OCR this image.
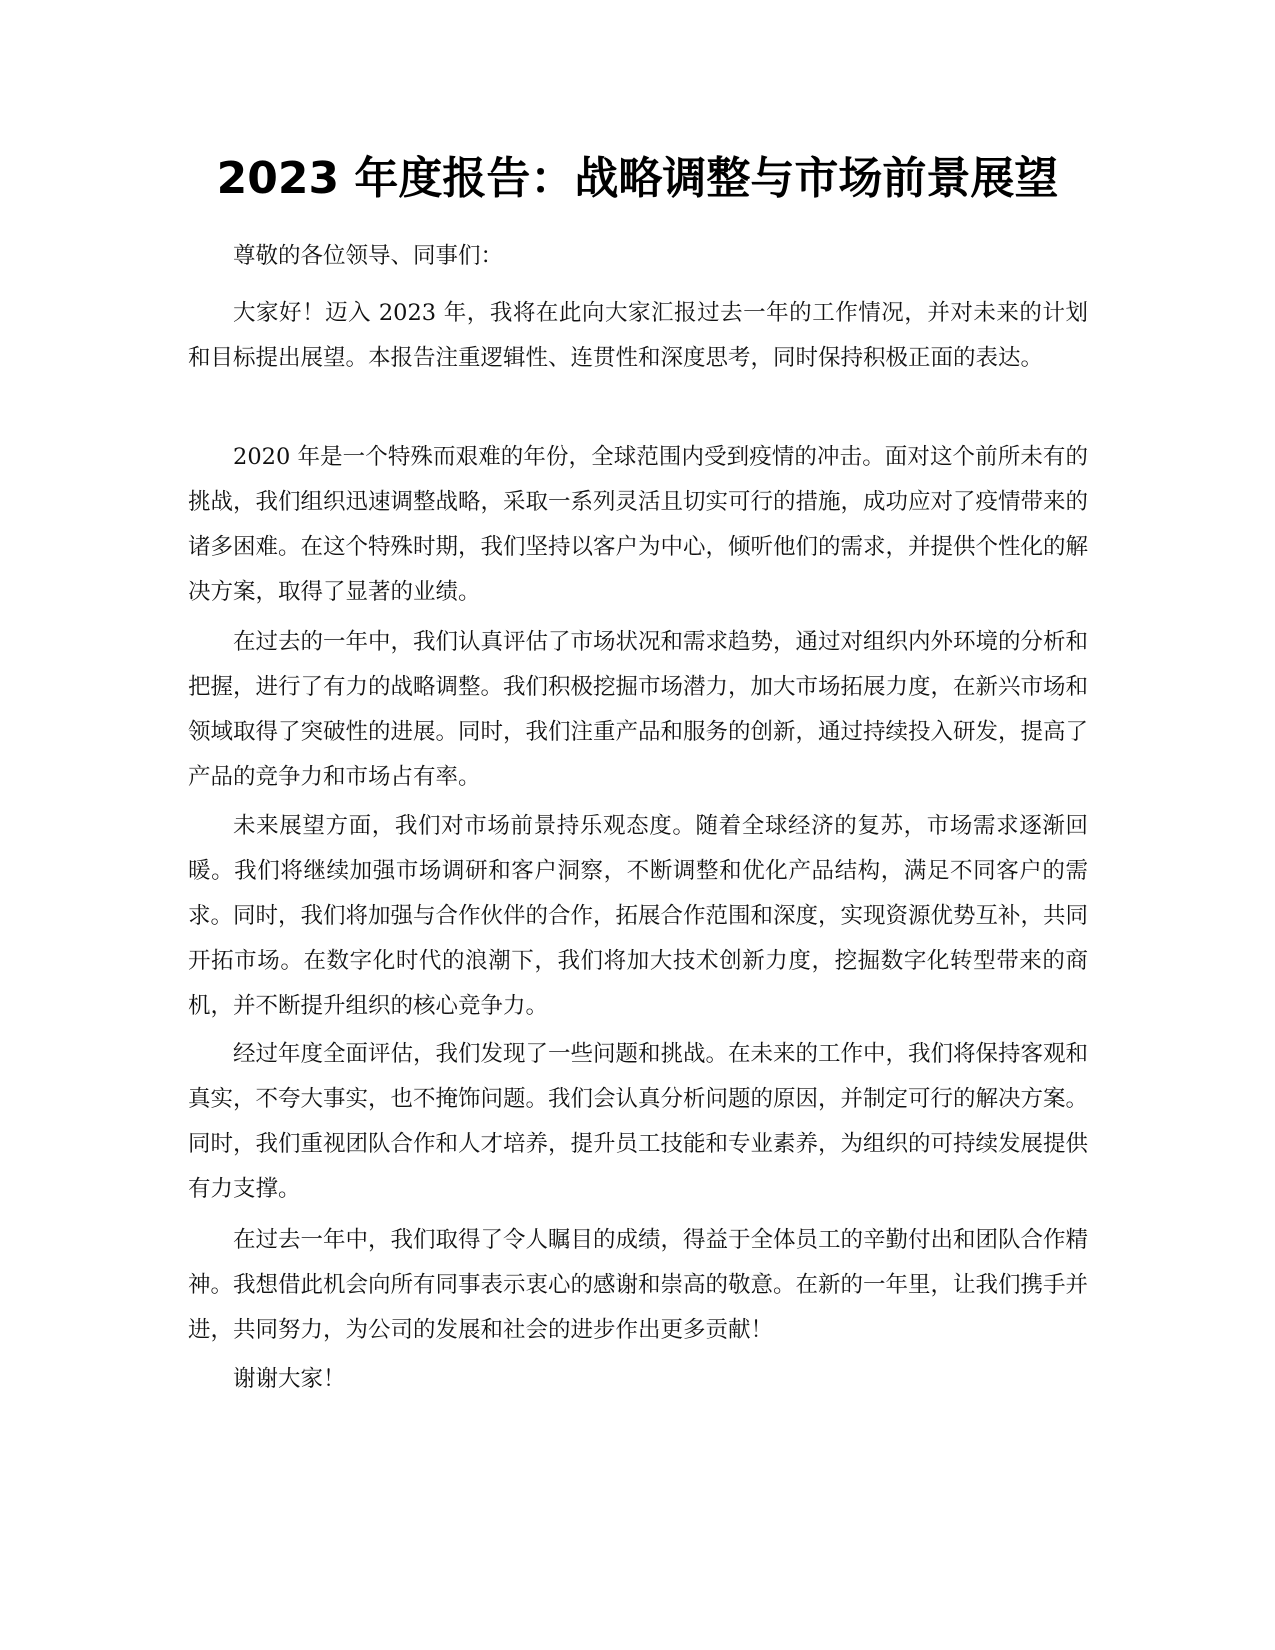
2023 年度报告：战略调整与市场前景展望

尊敬的各位领导、同事们：

大家好！迈入 2023 年，我将在此向大家汇报过去一年的工作情况，并对未来的计划和目标提出展望。本报告注重逻辑性、连贯性和深度思考，同时保持积极正面的表达。

2020 年是一个特殊而艰难的年份，全球范围内受到疫情的冲击。面对这个前所未有的挑战，我们组织迅速调整战略，采取一系列灵活且切实可行的措施，成功应对了疫情带来的诸多困难。在这个特殊时期，我们坚持以客户为中心，倾听他们的需求，并提供个性化的解决方案，取得了显著的业绩。

在过去的一年中，我们认真评估了市场状况和需求趋势，通过对组织内外环境的分析和把握，进行了有力的战略调整。我们积极挖掘市场潜力，加大市场拓展力度，在新兴市场和领域取得了突破性的进展。同时，我们注重产品和服务的创新，通过持续投入研发，提高了产品的竞争力和市场占有率。

未来展望方面，我们对市场前景持乐观态度。随着全球经济的复苏，市场需求逐渐回暖。我们将继续加强市场调研和客户洞察，不断调整和优化产品结构，满足不同客户的需求。同时，我们将加强与合作伙伴的合作，拓展合作范围和深度，实现资源优势互补，共同开拓市场。在数字化时代的浪潮下，我们将加大技术创新力度，挖掘数字化转型带来的商机，并不断提升组织的核心竞争力。

经过年度全面评估，我们发现了一些问题和挑战。在未来的工作中，我们将保持客观和真实，不夸大事实，也不掩饰问题。我们会认真分析问题的原因，并制定可行的解决方案。同时，我们重视团队合作和人才培养，提升员工技能和专业素养，为组织的可持续发展提供有力支撑。

在过去一年中，我们取得了令人瞩目的成绩，得益于全体员工的辛勤付出和团队合作精神。我想借此机会向所有同事表示衷心的感谢和崇高的敬意。在新的一年里，让我们携手并进，共同努力，为公司的发展和社会的进步作出更多贡献！

谢谢大家！
